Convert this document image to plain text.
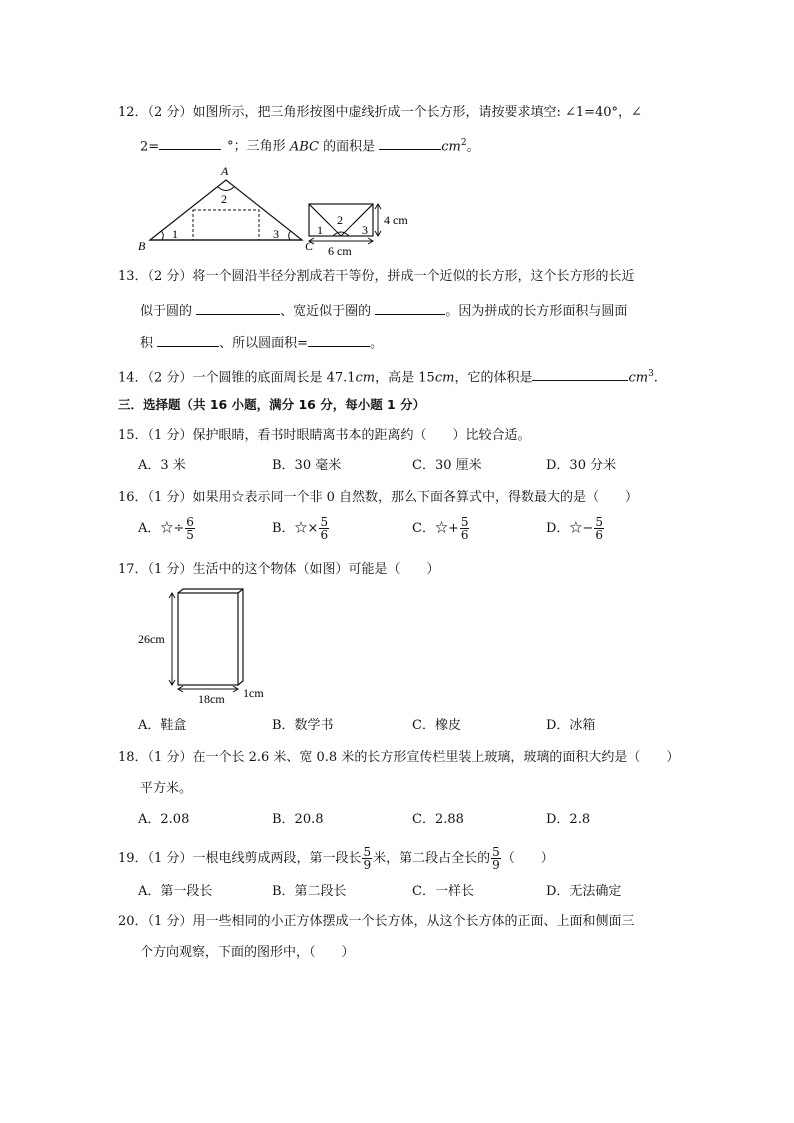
12．（2 分）如图所示，把三角形按图中虚线折成一个长方形，请按要求填空: ∠1=40°，∠
2=	°；三角形 ABC 的面积是	$cm^2$。
A
2
1	3
B	C
2
1	3
4 cm
6 cm
13．（2 分）将一个圆沿半径分割成若干等份，拼成一个近似的长方形，这个长方形的长近
似于圆的	、宽近似于圈的	。因为拼成的长方形面积与圆面
积	、所以圆面积=	。
14．（2 分）一个圆锥的底面周长是 47.1cm，高是 15cm，它的体积是	$cm^3$.
三．选择题（共 16 小题，满分 16 分，每小题 1 分）
15．（1 分）保护眼睛，看书时眼睛离书本的距离约（　　）比较合适。
A．3 米	B．30 毫米	C．30 厘米	D．30 分米
16．（1 分）如果用☆表示同一个非 0 自然数，那么下面各算式中，得数最大的是（　　）
A．☆÷ $\frac{6}{5}$	B．☆× $\frac{5}{6}$	C．☆+ $\frac{5}{6}$	D．☆− $\frac{5}{6}$
17．（1 分）生活中的这个物体（如图）可能是（　　）
26cm
18cm 1cm
A．鞋盒	B．数学书	C．橡皮	D．冰箱
18．（1 分）在一个长 2.6 米、宽 0.8 米的长方形宣传栏里装上玻璃，玻璃的面积大约是（　　）
平方米。
A．2.08	B．20.8	C．2.88	D．2.8
19．（1 分）一根电线剪成两段，第一段长 $\frac{5}{9}$ 米，第二段占全长的 $\frac{5}{9}$ （　　）
A．第一段长	B．第二段长	C．一样长	D．无法确定
20．（1 分）用一些相同的小正方体摆成一个长方体，从这个长方体的正面、上面和侧面三
个方向观察，下面的图形中，（　　）
